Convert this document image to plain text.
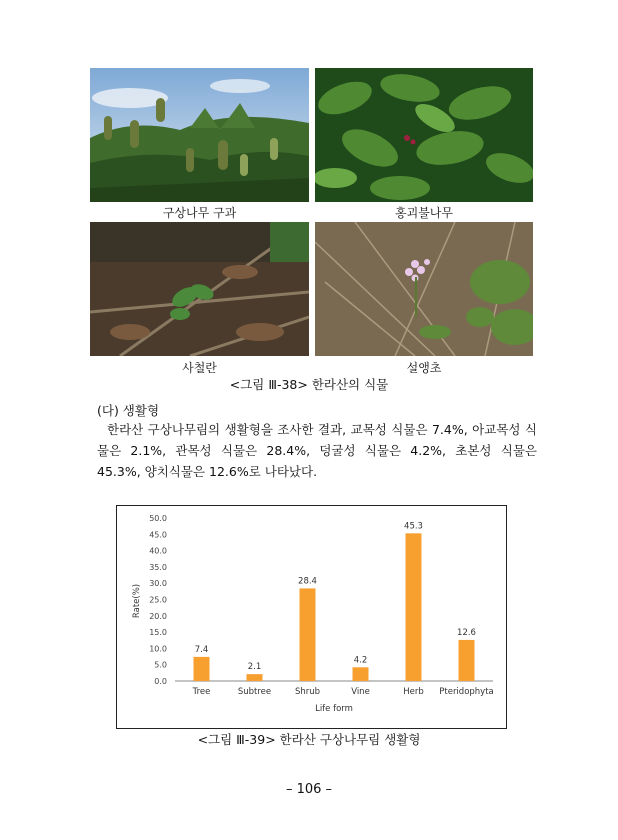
구상나무 구과	홍괴불나무
사철란	설앵초
<그림 Ⅲ-38> 한라산의 식물
(다) 생활형
한라산 구상나무림의 생활형을 조사한 결과, 교목성 식물은 7.4%, 아교목성 식물은 2.1%, 관목성 식물은 28.4%, 덩굴성 식물은 4.2%, 초본성 식물은 45.3%, 양치식물은 12.6%로 나타났다.
0.0
5.0
10.0
15.0
20.0
25.0
30.0
35.0
40.0
45.0
50.0
7.4
2.1
28.4
4.2
45.3
12.6
Tree	Subtree	Shrub	Vine	Herb Pteridophyta
Rate(%)
Life form
<그림 Ⅲ-39> 한라산 구상나무림 생활형
– 106 –
